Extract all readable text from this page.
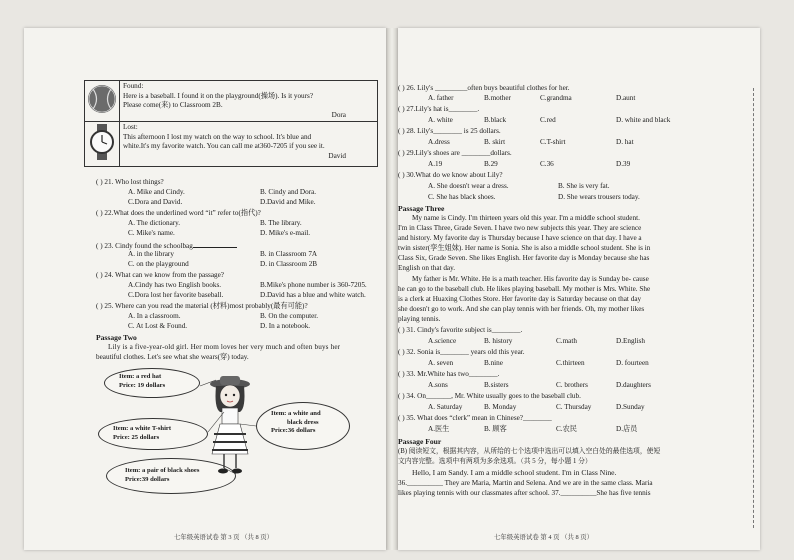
Found:
Here is a baseball. I found it on the playground(操场). Is it yours?
Please come(来) to Classroom 2B.
Dora

Lost:
This afternoon I lost my watch on the way to school. It's blue and
white.It's my favorite watch. You can call me at360-7205 if you see it.
David
( ) 21. Who lost things?
A. Mike and Cindy.	B. Cindy and Dora.
C.Dora and David.	D.David and Mike.
( ) 22.What does the underlined word “it” refer to(指代)?
A. The dictionary.	B. The library.
C. Mike's name.	D. Mike's e-mail.
( ) 23. Cindy found the schoolbag
A. in the library	B. in Classroom 7A
C. on the playground	D. in Classroom 2B
( ) 24. What can we know from the passage?
A.Cindy has two English books.	B.Mike's phone number is 360-7205.
C.Dora lost her favorite baseball.	D.David has a blue and white watch.
( ) 25. Where can you read the material (材料)most probably(最有可能)?
A. In a classroom.	B. On the computer.
C. At Lost & Found.	D. In a notebook.
Passage Two
Lily is a five-year-old girl. Her mom loves her very much and often buys her
beautiful clothes. Let's see what she wears(穿) today.
Item: a red hat
Price: 19 dollars
Item: a white T-shirt
Price: 25 dollars
Item: a white and
black dress
Price:36 dollars
Item: a pair of black shoes
Price:39 dollars
七年级英语试卷 第 3 页 （共 8 页）
( ) 26. Lily's _________often buys beautiful clothes for her.
A. father	B.mother	C.grandma	D.aunt
( ) 27.Lily's hat is________.
A. white	B.black	C.red	D. white and black
( ) 28. Lily's________ is 25 dollars.
A.dress	B. skirt	C.T-shirt	D. hat
( ) 29.Lily's shoes are ________dollars.
A.19	B.29	C.36	D.39
( ) 30.What do we know about Lily?
A. She doesn't wear a dress.	B. She is very fat.
C. She has black shoes.	D. She wears trousers today.
Passage Three
My name is Cindy. I'm thirteen years old this year. I'm a middle school student.
I'm in Class Three, Grade Seven. I have two new subjects this year. They are science
and history. My favorite day is Thursday because I have science on that day. I have a
twin sister(孪生姐妹). Her name is Sonia. She is also a middle school student. She is in
Class Six, Grade Seven. She likes English. Her favorite day is Monday because she has
English on that day.
My father is Mr. White. He is a math teacher. His favorite day is Sunday be- cause
he can go to the baseball club. He likes playing baseball. My mother is Mrs. White. She
is a clerk at Huaxing Clothes Store. Her favorite day is Saturday because on that day
she doesn't go to work. And she can play tennis with her friends. Oh, my mother likes
playing tennis.
( ) 31. Cindy's favorite subject is________.
A.science	B. history	C.math	D.English
( ) 32. Sonia is________ years old this year.
A. seven	B.nine	C.thirteen	D. fourteen
( ) 33. Mr.White has two________.
A.sons	B.sisters	C. brothers	D.daughters
( ) 34. On_______, Mr. White usually goes to the baseball club.
A. Saturday	B. Monday	C. Thursday	D.Sunday
( ) 35. What does “clerk” mean in Chinese?________
A.医生	B. 顾客	C.农民	D.店员
Passage Four
(B) 阅读短文，根据其内容，从所给的七个选项中选出可以填入空白处的最佳选项，使短
文内容完整。选项中有两项为多余选项。（共 5 分，每小题 1 分）
Hello, I am Sandy. I am a middle school student. I'm in Class Nine.
36.__________ They are Maria, Martin and Selena. And we are in the same class. Maria
likes playing tennis with our classmates after school. 37.__________She has five tennis
七年级英语试卷 第 4 页 （共 8 页）
